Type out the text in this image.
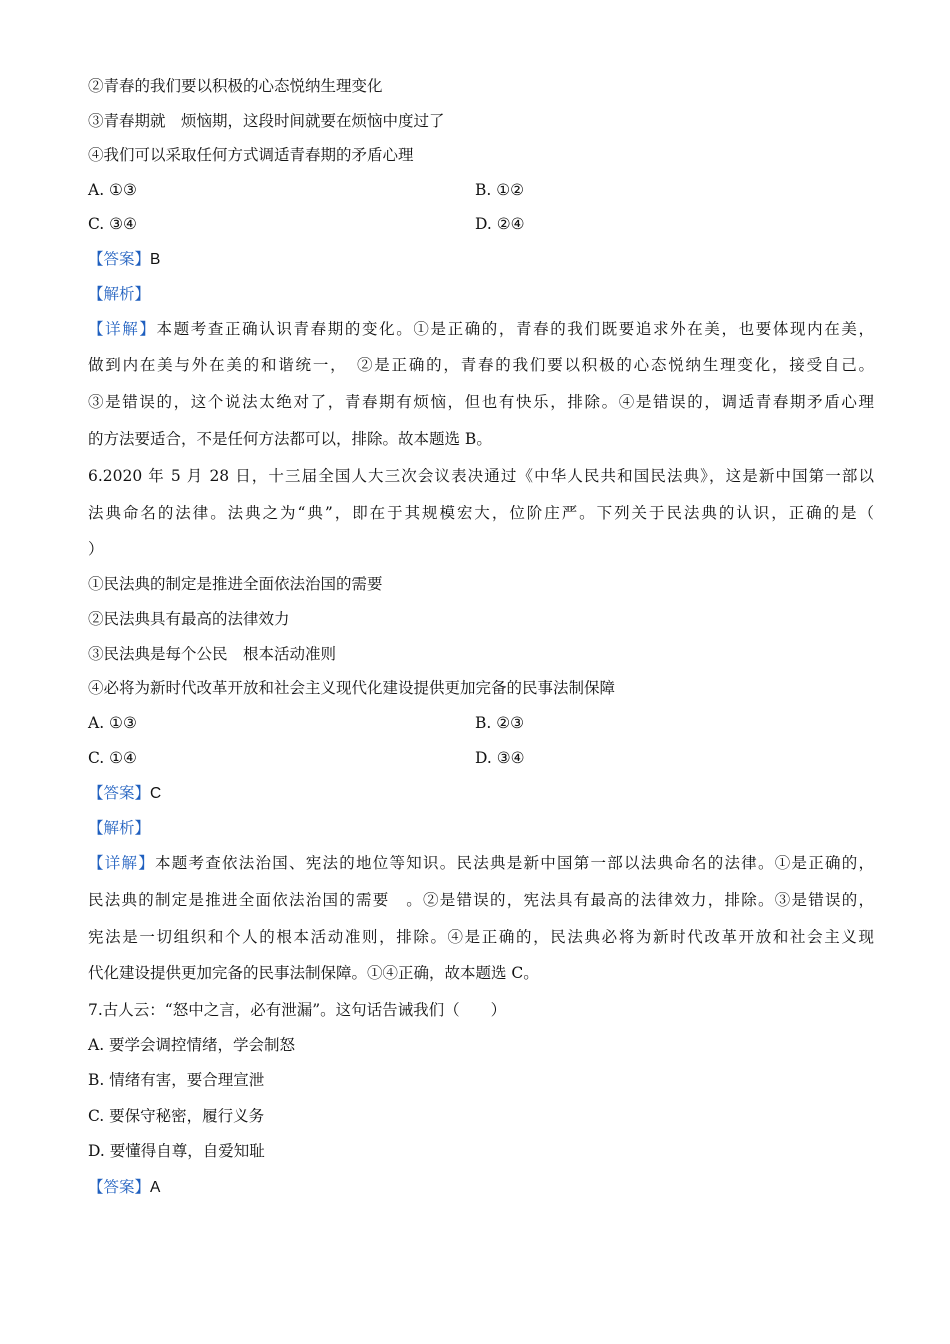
②青春的我们要以积极的心态悦纳生理变化
③青春期就　烦恼期，这段时间就要在烦恼中度过了
④我们可以采取任何方式调适青春期的矛盾心理
A. ①③	B. ①②
C. ③④	D. ②④
【答案】B
【解析】
【详解】本题考查正确认识青春期的变化。①是正确的，青春的我们既要追求外在美，也要体现内在美，
做到内在美与外在美的和谐统一，　②是正确的，青春的我们要以积极的心态悦纳生理变化，接受自己。
③是错误的，这个说法太绝对了，青春期有烦恼，但也有快乐，排除。④是错误的，调适青春期矛盾心理
的方法要适合，不是任何方法都可以，排除。故本题选 B。
6.2020 年 5 月 28 日，十三届全国人大三次会议表决通过《中华人民共和国民法典》，这是新中国第一部以
法典命名的法律。法典之为“典”，即在于其规模宏大，位阶庄严。下列关于民法典的认识，正确的是（
）
①民法典的制定是推进全面依法治国的需要
②民法典具有最高的法律效力
③民法典是每个公民　根本活动准则
④必将为新时代改革开放和社会主义现代化建设提供更加完备的民事法制保障
A. ①③	B. ②③
C. ①④	D. ③④
【答案】C
【解析】
【详解】本题考查依法治国、宪法的地位等知识。民法典是新中国第一部以法典命名的法律。①是正确的，
民法典的制定是推进全面依法治国的需要　。②是错误的，宪法具有最高的法律效力，排除。③是错误的，
宪法是一切组织和个人的根本活动准则，排除。④是正确的，民法典必将为新时代改革开放和社会主义现
代化建设提供更加完备的民事法制保障。①④正确，故本题选 C。
7.古人云：“怒中之言，必有泄漏”。这句话告诫我们（　　）
A. 要学会调控情绪，学会制怒
B. 情绪有害，要合理宣泄
C. 要保守秘密，履行义务
D. 要懂得自尊，自爱知耻
【答案】A
